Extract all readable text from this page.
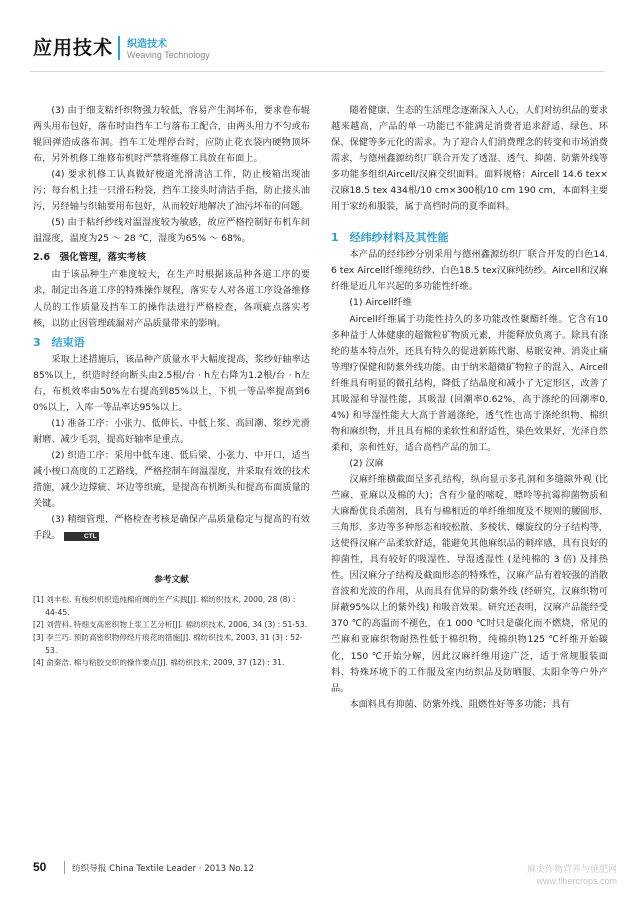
应用技术 织造技术
Weaving Technology

(3) 由于细支粘纤织物强力较低，容易产生洞坏布，要求卷布辊两头用布包好，落布时由挡车工与落布工配合，由两头用力不匀或布辊回弹造成落布洞。挡车工处理停台时，应防止花衣袋内硬物顶坏布，另外机修工维修布机时严禁将维修工具放在布面上。

(4) 要求机修工认真做好梭道光滑清洁工作，防止梭箱出现油污；每台机上挂一只滑石粉袋，挡车工接头时清洁手指，防止接头油污，另经轴与织轴要用布包好，从而较好地解决了油污坏布的问题。

(5) 由于粘纤纱线对温湿度较为敏感，故应严格控制好布机车间温湿度，温度为25 ～ 28 ℃，湿度为65% ～ 68%。

2.6　强化管理，落实考核

由于该品种生产难度较大，在生产时根据该品种各道工序的要求，制定出各道工序的特殊操作规程，落实专人对各道工序设备维修人员的工作质量及挡车工的操作法进行严格检查，各项疵点落实考核，以防止因管理疏漏对产品质量带来的影响。

3　结束语

采取上述措施后，该品种产质量水平大幅度提高，浆纱好轴率达85%以上，织造时经向断头由2.5根/台 · h左右降为1.2根/台 · h左右，布机效率由50%左右提高到85%以上，下机一等品率提高到60%以上，入库一等品率达95%以上。

(1) 准备工序：小张力、低伸长、中低上浆、高回潮、浆纱光滑耐磨、减少毛羽，提高好轴率是重点。

(2) 织造工序：采用中低车速、低后梁、小张力、中开口，适当减小梭口高度的工艺路线，严格控制车间温湿度，并采取有效的技术措施，减少边撑疵、坏边等织疵，是提高布机断头和提高布面质量的关键。

(3) 精细管理、严格检查考核是确保产品质量稳定与提高的有效手段。	CTL

参考文献

[1] 刘丰松. 有梭织机织造纯棉府绸的生产实践[J]. 棉纺织技术, 2000, 28 (8) : 44-45.

[2] 刘营科. 特细支高密织物上浆工艺分析[J]. 棉纺织技术, 2006, 34 (3) : 51-53.

[3] 李兰巧. 预防高密织物停经片痕花的措施[J]. 棉纺织技术, 2003, 31 (3) : 52-53.

[4] 俞秦浩. 棉与粘胶交织的操作要点[J]. 棉纺织技术, 2009, 37 (12) : 31.

随着健康、生态的生活理念逐渐深入人心，人们对纺织品的要求越来越高，产品的单一功能已不能满足消费者追求舒适、绿色、环保、保健等多元化的需求。为了迎合人们消费理念的转变和市场消费需求，与德州鑫源纺织厂联合开发了透湿、透气、抑菌、防紫外线等多功能多组织Aircell/汉麻交织面料。面料规格：Aircell 14.6 tex×汉麻18.5 tex 434根/10 cm×300根/10 cm 190 cm，本面料主要用于家纺和服装，属于高档时尚的夏季面料。

1　经纬纱材料及其性能

本产品的经纬纱分别采用与德州鑫源纺织厂联合开发的白色14.6 tex Aircell纤维纯纺纱、白色18.5 tex汉麻纯纺纱。Aircell和汉麻纤维是近几年兴起的多功能性纤维。

(1) Aircell纤维

Aircell纤维属于功能性持久的多功能改性聚酯纤维。它含有10多种益于人体健康的超微粒矿物质元素，并能释放负离子。除具有涤纶的基本特点外，还具有特久的促进新陈代谢、易眠安神、消炎止痛等理疗保健和防紫外线功能。由于纳米超微矿物粒子的混入，Aircell纤维具有明显的微孔结构，降低了结晶度和减小了无定形区，改善了其吸湿和导湿性能，其吸湿 (回潮率0.62%，高于涤纶的回潮率0.4%) 和导湿性能大大高于普通涤纶，透气性也高于涤纶织物、棉织物和麻织物，并且具有棉的柔软性和舒适性，染色效果好，光泽自然柔和，亲和性好，适合高档产品的加工。

(2) 汉麻

汉麻纤维横截面呈多孔结构，纵向显示多孔洞和多缝隙外观 (比苎麻、亚麻以及棉的大)；含有少量的嘧啶，嘌呤等抗霉抑菌物质和大麻酚优良杀菌剂，具有与棉相近的单纤维细度及不规则的腰圆形、三角形、多边等多种形态和较松散、多棱状、螺旋纹的分子结构等，这使得汉麻产品柔软舒适，能避免其他麻织品的刺痒感，具有良好的抑菌性，具有较好的吸湿性、导湿透湿性 (是纯棉的 3 倍) 及排热性。因汉麻分子结构及截面形态的特殊性，汉麻产品有着较强的消散音波和光波的作用，从而具有优异的防紫外线 (经研究，汉麻织物可屏蔽95%以上的紫外线) 和吸音效果。研究还表明，汉麻产品能经受370 ℃的高温而不褪色，在1 000 ℃时只是碳化而不燃烧，常见的苎麻和亚麻织物耐热性低于棉织物，纯棉织物125 ℃纤维开始碳化，150 ℃开始分解，因此汉麻纤维用途广泛，适于常规服装面料、特殊环境下的工作服及室内纺织品及防晒服、太阳伞等户外产品。

本面料具有抑菌、防紫外线、阻燃性好等多功能；具有

50	纺织导报 China Textile Leader · 2013 No.12	麻类作物营养与施肥网
www.fibercrops.com
